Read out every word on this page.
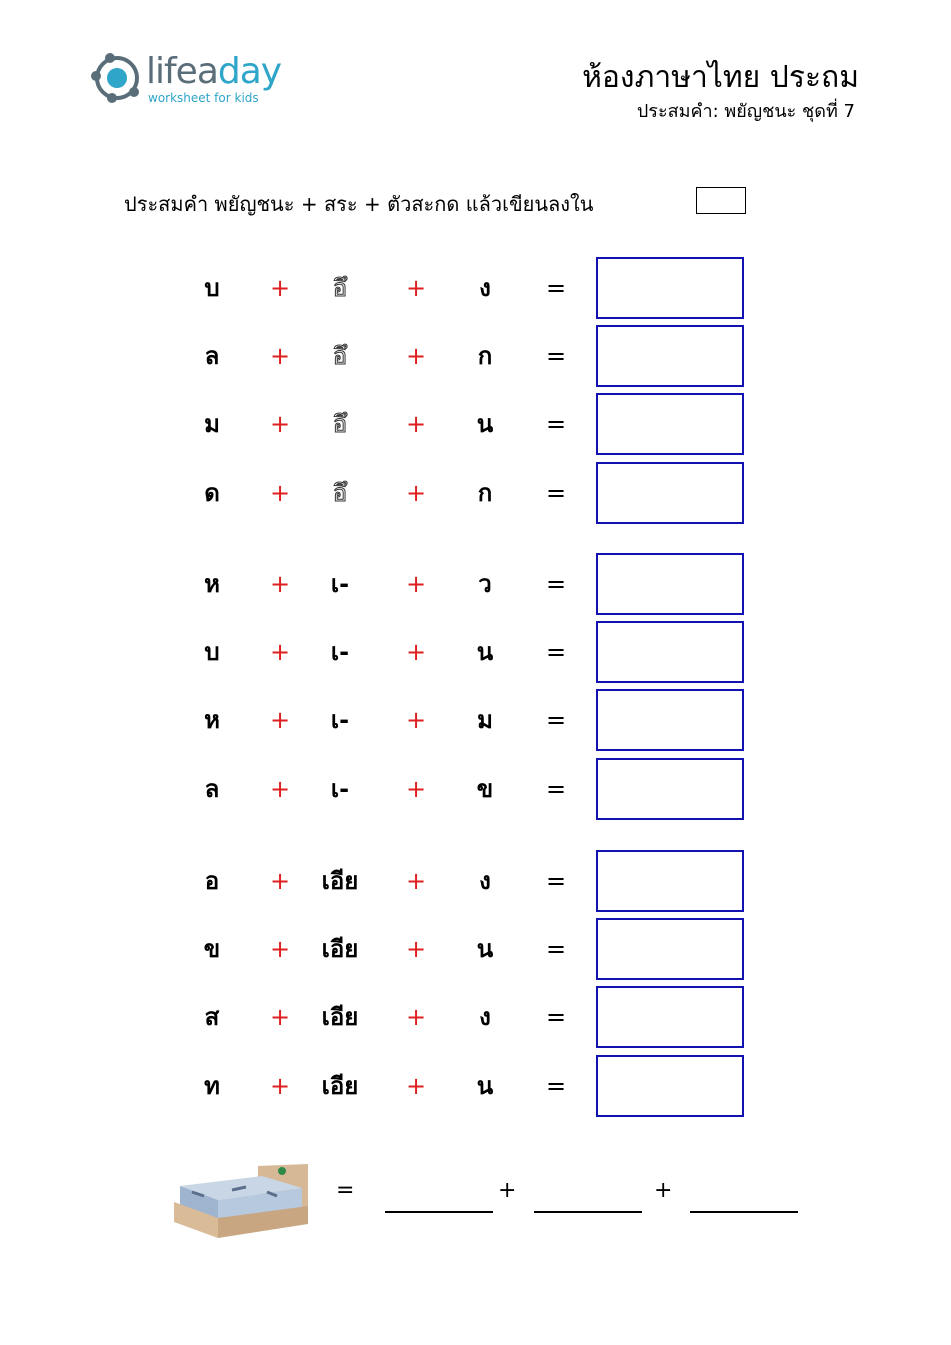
lifeaday
worksheet for kids
ห้องภาษาไทย ประถม
ประสมคำ: พยัญชนะ ชุดที่ 7
ประสมคำ พยัญชนะ + สระ + ตัวสะกด แล้วเขียนลงใน
บ	+	อึ	+	ง	=
ล	+	อึ	+	ก	=
ม	+	อึ	+	น	=
ด	+	อึ	+	ก	=
ห	+	เ-	+	ว	=
บ	+	เ-	+	น	=
ห	+	เ-	+	ม	=
ล	+	เ-	+	ข	=
อ	+	เอีย	+	ง	=
ข	+	เอีย	+	น	=
ส	+	เอีย	+	ง	=
ท	+	เอีย	+	น	=
=	+	+
